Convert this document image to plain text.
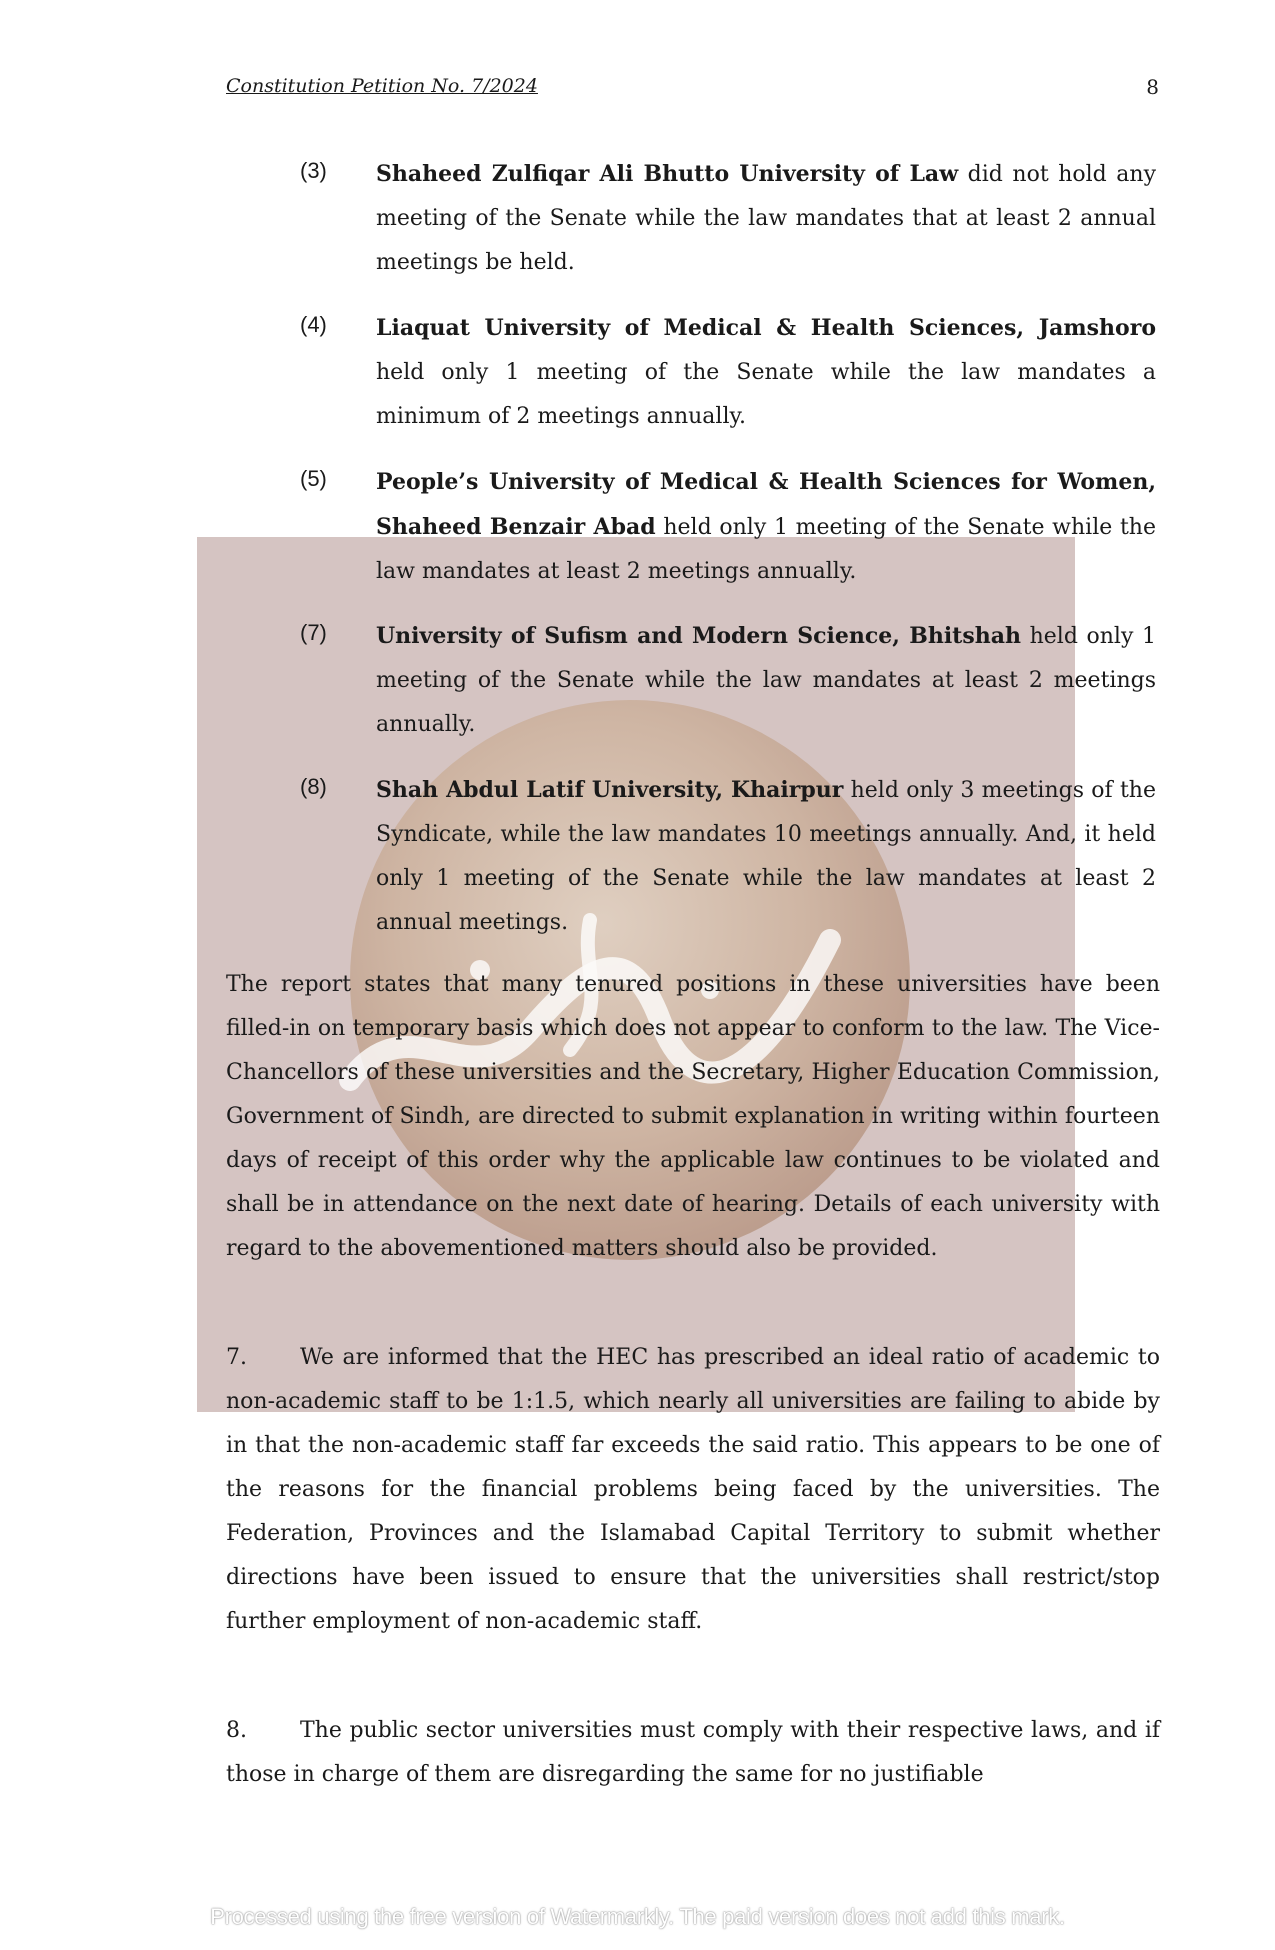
Constitution Petition No. 7/2024	8
(3) Shaheed Zulfiqar Ali Bhutto University of Law did not hold any meeting of the Senate while the law mandates that at least 2 annual meetings be held.
(4) Liaquat University of Medical & Health Sciences, Jamshoro held only 1 meeting of the Senate while the law mandates a minimum of 2 meetings annually.
(5) People’s University of Medical & Health Sciences for Women, Shaheed Benzair Abad held only 1 meeting of the Senate while the law mandates at least 2 meetings annually.
(7) University of Sufism and Modern Science, Bhitshah held only 1 meeting of the Senate while the law mandates at least 2 meetings annually.
(8) Shah Abdul Latif University, Khairpur held only 3 meetings of the Syndicate, while the law mandates 10 meetings annually. And, it held only 1 meeting of the Senate while the law mandates at least 2 annual meetings.
The report states that many tenured positions in these universities have been filled-in on temporary basis which does not appear to conform to the law. The Vice-Chancellors of these universities and the Secretary, Higher Education Commission, Government of Sindh, are directed to submit explanation in writing within fourteen days of receipt of this order why the applicable law continues to be violated and shall be in attendance on the next date of hearing. Details of each university with regard to the abovementioned matters should also be provided.
7. We are informed that the HEC has prescribed an ideal ratio of academic to non-academic staff to be 1:1.5, which nearly all universities are failing to abide by in that the non-academic staff far exceeds the said ratio. This appears to be one of the reasons for the financial problems being faced by the universities. The Federation, Provinces and the Islamabad Capital Territory to submit whether directions have been issued to ensure that the universities shall restrict/stop further employment of non-academic staff.
8. The public sector universities must comply with their respective laws, and if those in charge of them are disregarding the same for no justifiable
Processed using the free version of Watermarkly. The paid version does not add this mark.
